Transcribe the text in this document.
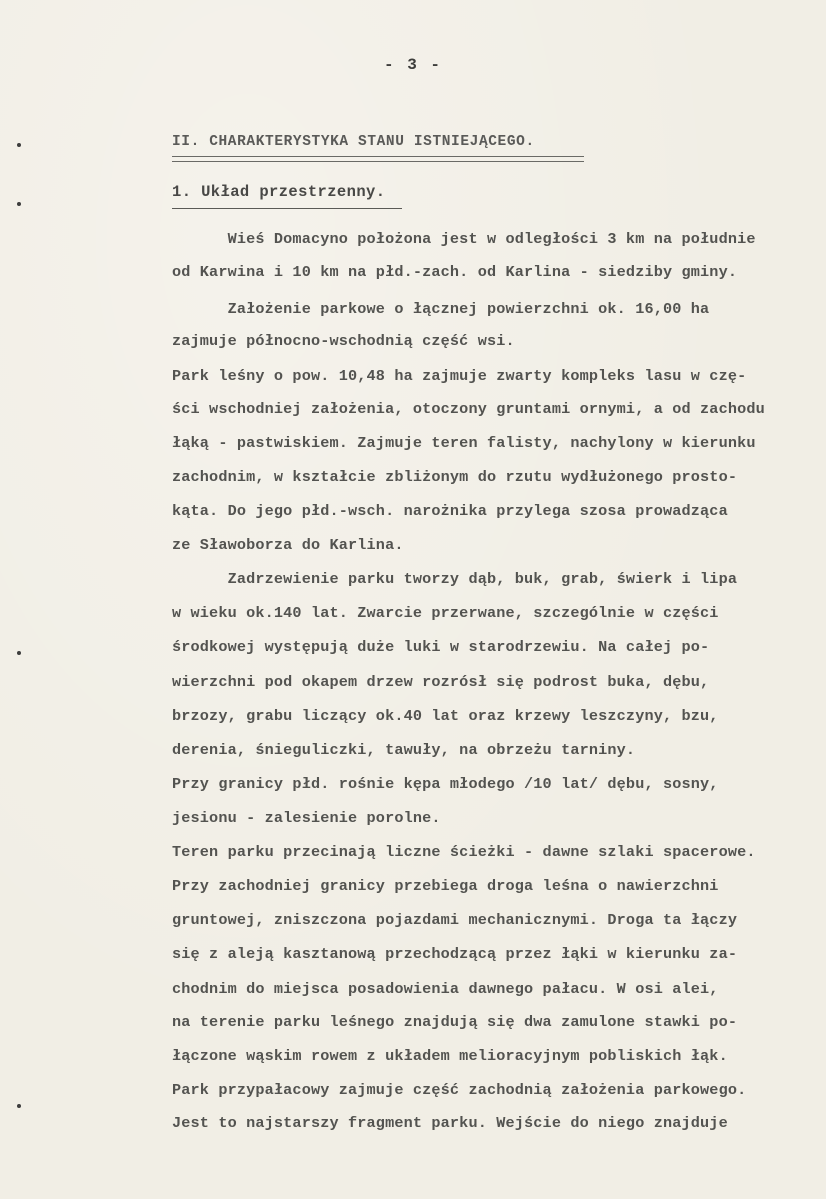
- 3 -
II. CHARAKTERYSTYKA STANU ISTNIEJĄCEGO.
1. Układ przestrzenny.
Wieś Domacyno położona jest w odległości 3 km na południe
od Karwina i 10 km na płd.-zach. od Karlina - siedziby gminy.
Założenie parkowe o łącznej powierzchni ok. 16,00 ha
zajmuje północno-wschodnią część wsi.
Park leśny o pow. 10,48 ha zajmuje zwarty kompleks lasu w czę-
ści wschodniej założenia, otoczony gruntami ornymi, a od zachodu
łąką - pastwiskiem. Zajmuje teren falisty, nachylony w kierunku
zachodnim, w kształcie zbliżonym do rzutu wydłużonego prosto-
kąta. Do jego płd.-wsch. narożnika przylega szosa prowadząca
ze Sławoborza do Karlina.
Zadrzewienie parku tworzy dąb, buk, grab, świerk i lipa
w wieku ok.140 lat. Zwarcie przerwane, szczególnie w części
środkowej występują duże luki w starodrzewiu. Na całej po-
wierzchni pod okapem drzew rozrósł się podrost buka, dębu,
brzozy, grabu liczący ok.40 lat oraz krzewy leszczyny, bzu,
derenia, śnieguliczki, tawuły, na obrzeżu tarniny.
Przy granicy płd. rośnie kępa młodego /10 lat/ dębu, sosny,
jesionu - zalesienie porolne.
Teren parku przecinają liczne ścieżki - dawne szlaki spacerowe.
Przy zachodniej granicy przebiega droga leśna o nawierzchni
gruntowej, zniszczona pojazdami mechanicznymi. Droga ta łączy
się z aleją kasztanową przechodzącą przez łąki w kierunku za-
chodnim do miejsca posadowienia dawnego pałacu. W osi alei,
na terenie parku leśnego znajdują się dwa zamulone stawki po-
łączone wąskim rowem z układem melioracyjnym pobliskich łąk.
Park przypałacowy zajmuje część zachodnią założenia parkowego.
Jest to najstarszy fragment parku. Wejście do niego znajduje
